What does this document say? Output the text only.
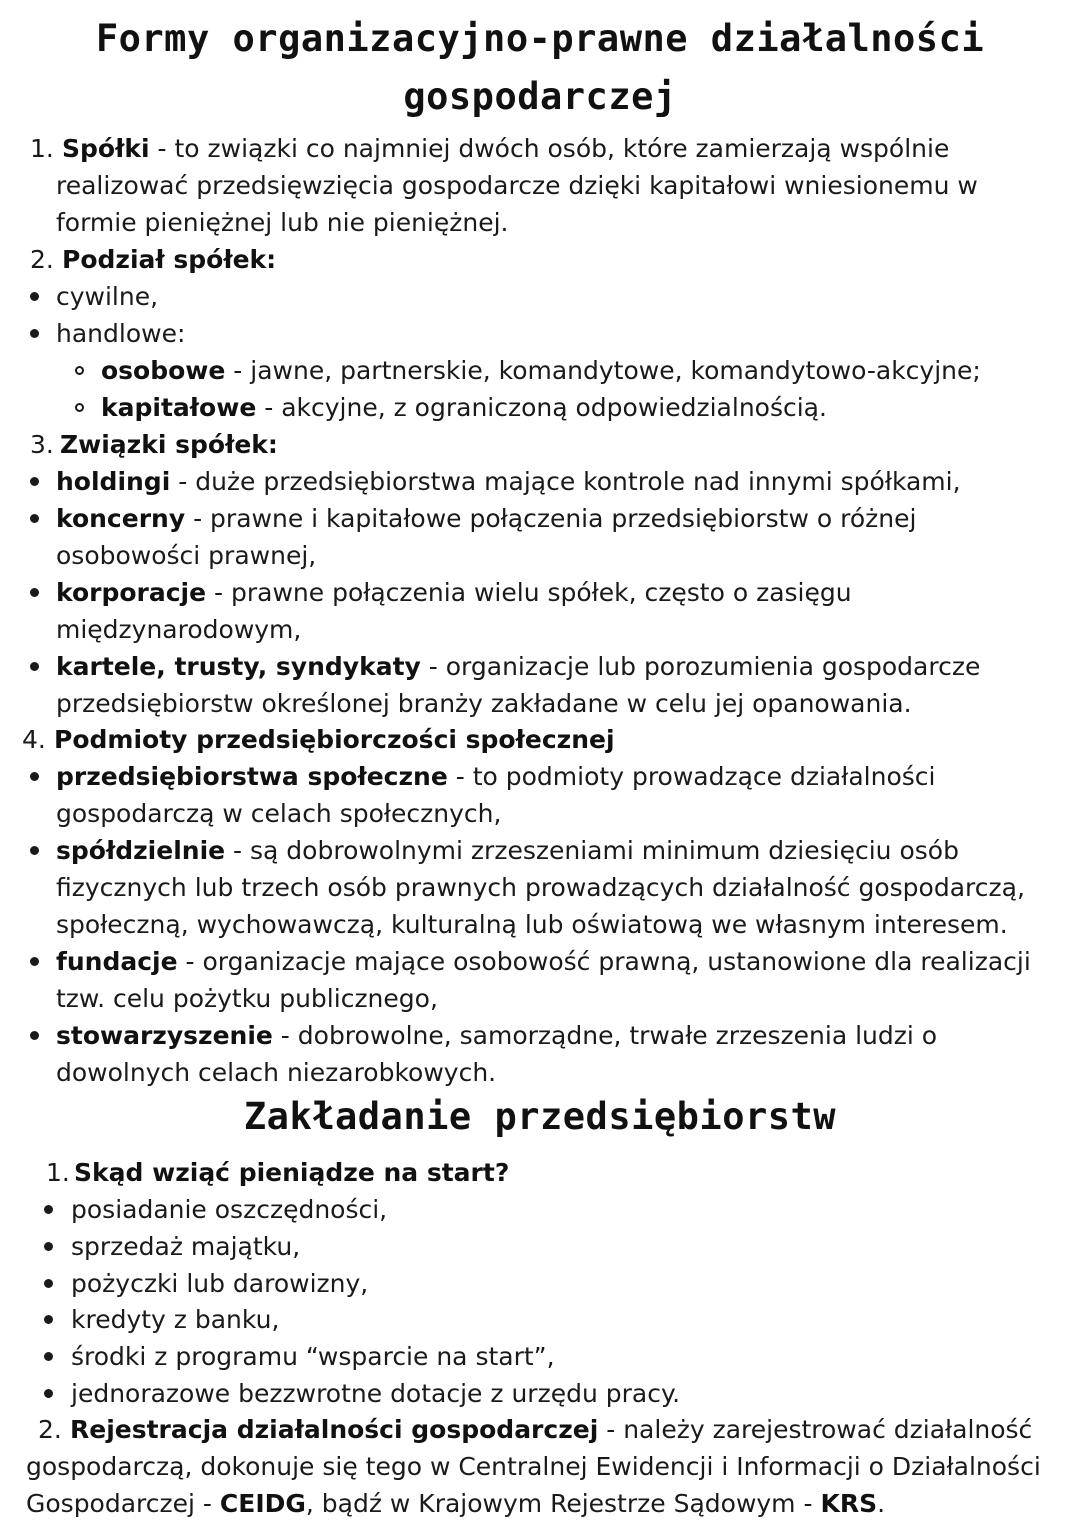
Formy organizacyjno-prawne działalności
gospodarczej
1. Spółki - to związki co najmniej dwóch osób, które zamierzają wspólnie
realizować przedsięwzięcia gospodarcze dzięki kapitałowi wniesionemu w
formie pieniężnej lub nie pieniężnej.
2. Podział spółek:
cywilne,
handlowe:
osobowe - jawne, partnerskie, komandytowe, komandytowo-akcyjne;
kapitałowe - akcyjne, z ograniczoną odpowiedzialnością.
3. Związki spółek:
holdingi - duże przedsiębiorstwa mające kontrole nad innymi spółkami,
koncerny - prawne i kapitałowe połączenia przedsiębiorstw o różnej
osobowości prawnej,
korporacje - prawne połączenia wielu spółek, często o zasięgu
międzynarodowym,
kartele, trusty, syndykaty - organizacje lub porozumienia gospodarcze
przedsiębiorstw określonej branży zakładane w celu jej opanowania.
4. Podmioty przedsiębiorczości społecznej
przedsiębiorstwa społeczne - to podmioty prowadzące działalności
gospodarczą w celach społecznych,
spółdzielnie - są dobrowolnymi zrzeszeniami minimum dziesięciu osób
fizycznych lub trzech osób prawnych prowadzących działalność gospodarczą,
społeczną, wychowawczą, kulturalną lub oświatową we własnym interesem.
fundacje - organizacje mające osobowość prawną, ustanowione dla realizacji
tzw. celu pożytku publicznego,
stowarzyszenie - dobrowolne, samorządne, trwałe zrzeszenia ludzi o
dowolnych celach niezarobkowych.
Zakładanie przedsiębiorstw
1. Skąd wziąć pieniądze na start?
posiadanie oszczędności,
sprzedaż majątku,
pożyczki lub darowizny,
kredyty z banku,
środki z programu “wsparcie na start”,
jednorazowe bezzwrotne dotacje z urzędu pracy.
2. Rejestracja działalności gospodarczej - należy zarejestrować działalność
gospodarczą, dokonuje się tego w Centralnej Ewidencji i Informacji o Działalności
Gospodarczej - CEIDG, bądź w Krajowym Rejestrze Sądowym - KRS.
